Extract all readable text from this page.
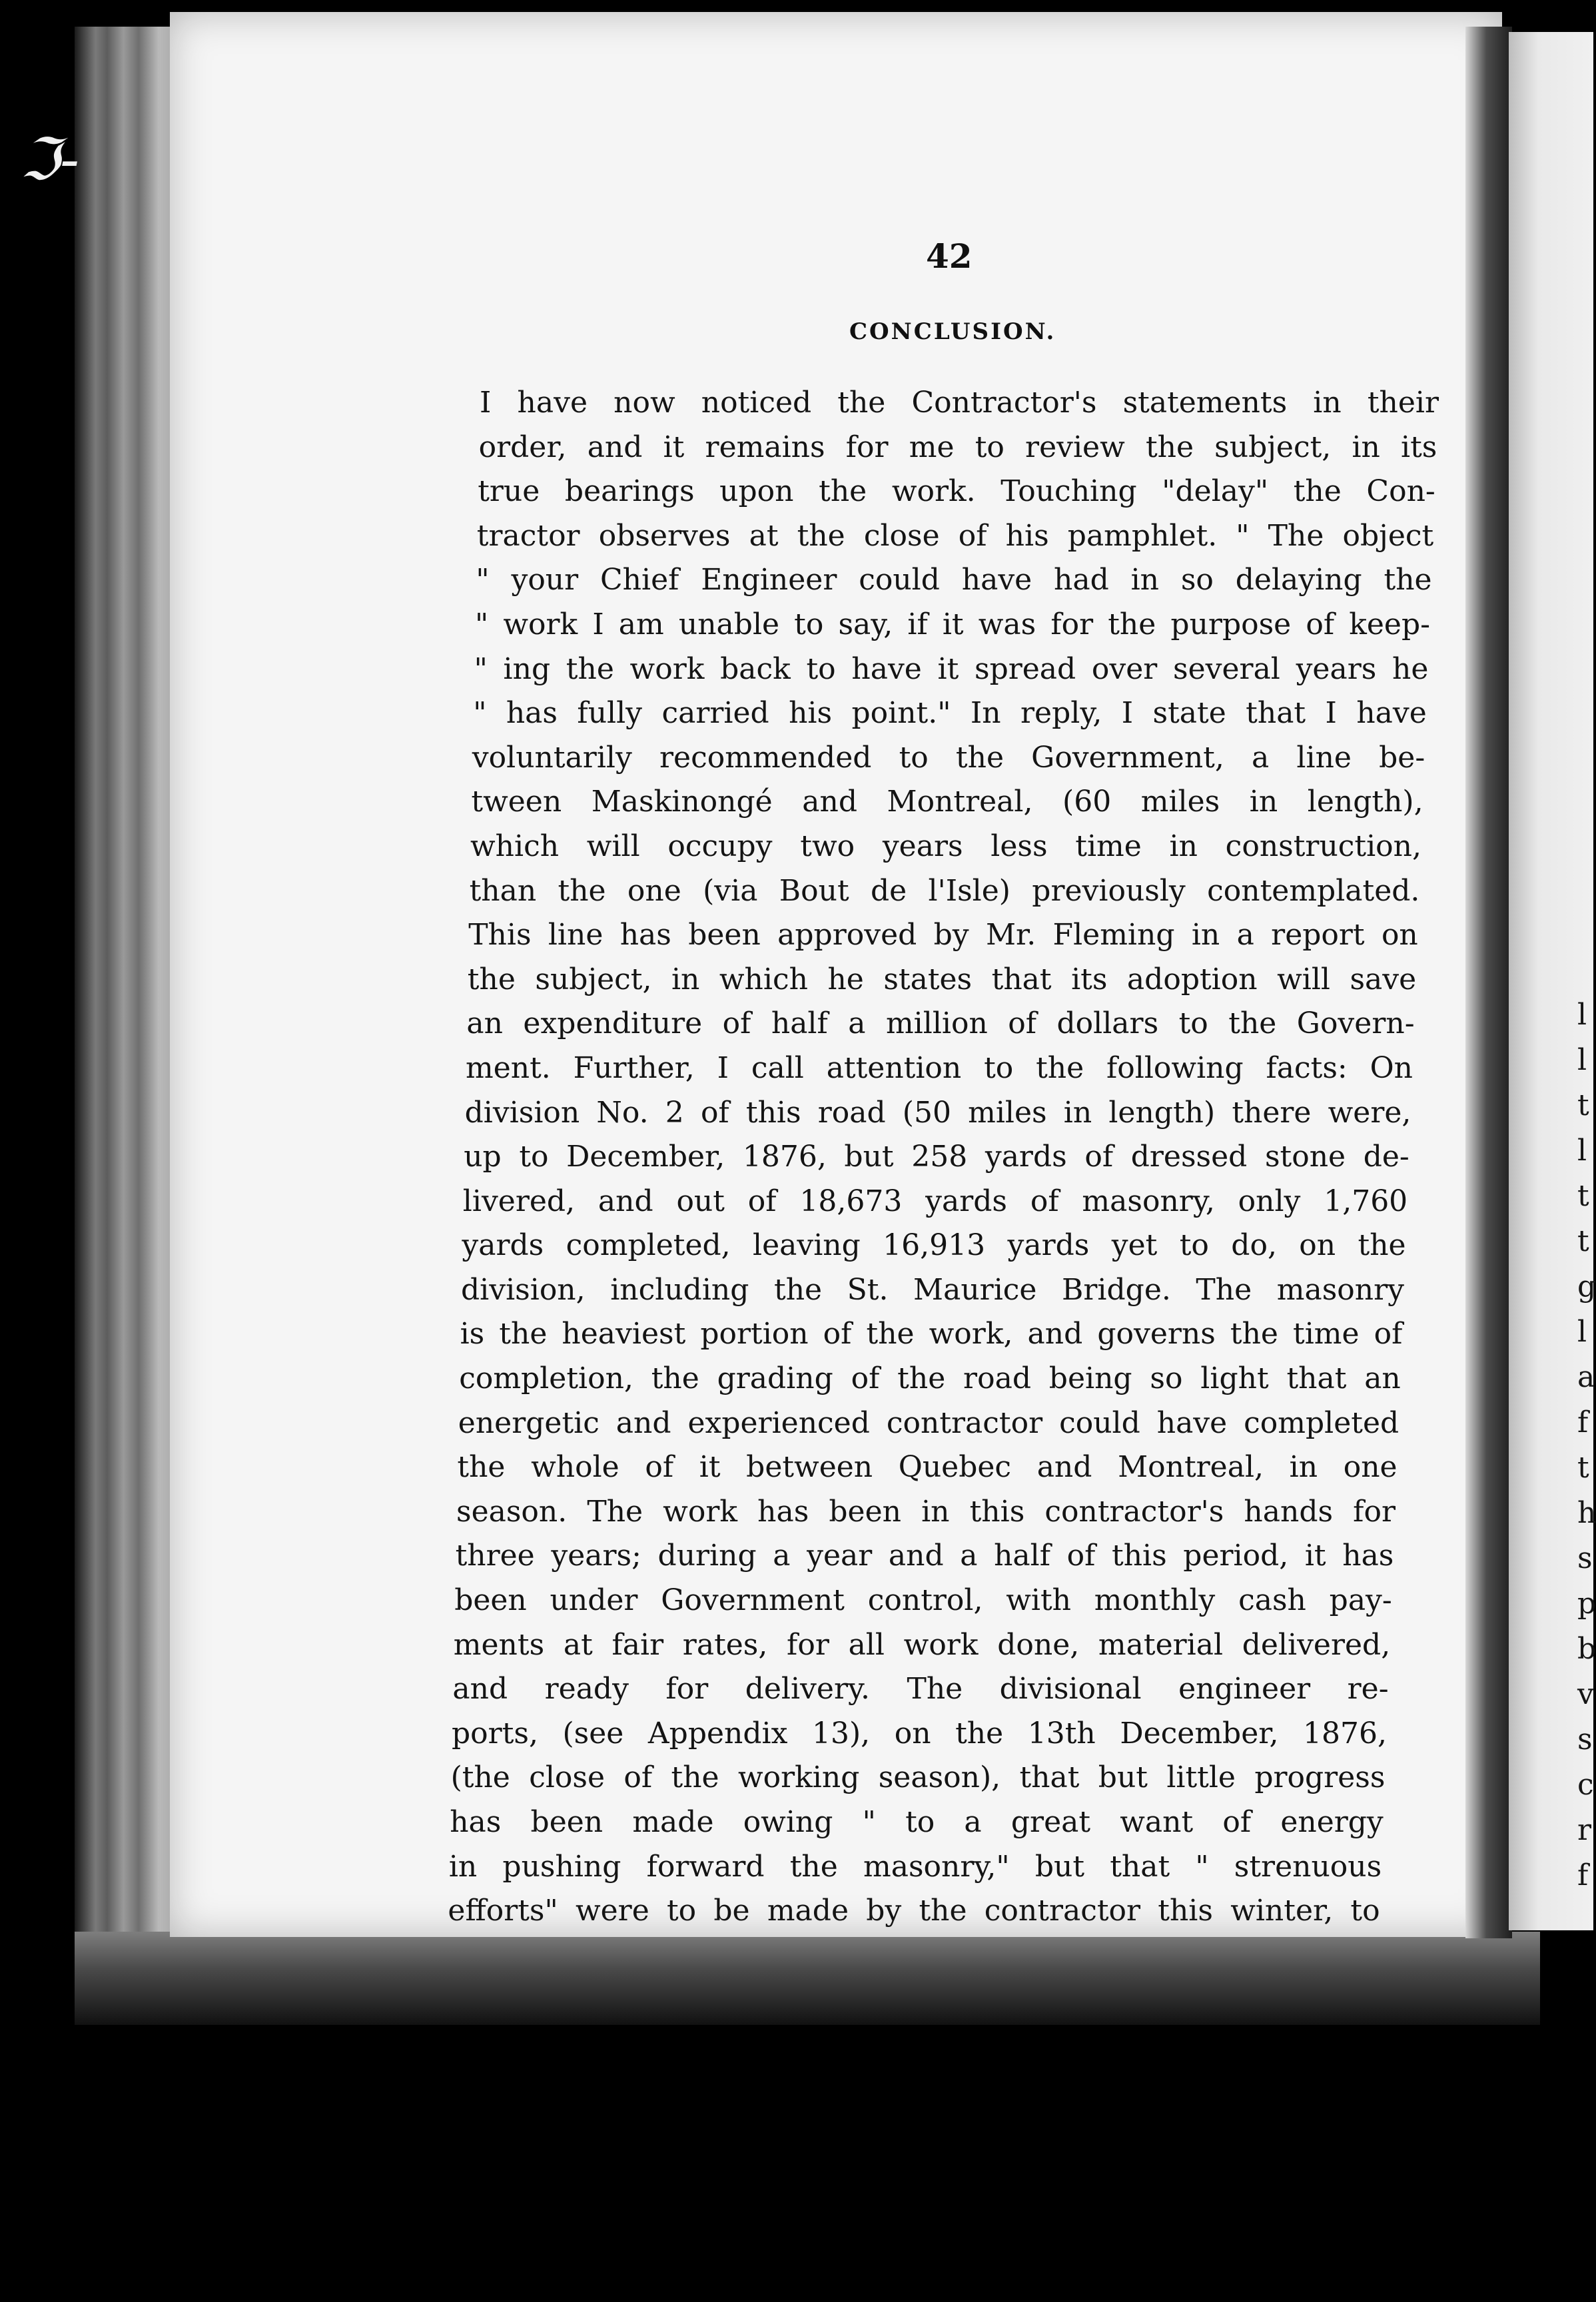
l
l
t
l
t
t
g
l
a
f
t
h
s
p
b
v
s
c
r
f
ℑ-
42
CONCLUSION.
I have now noticed the Contractor's statements in their
order, and it remains for me to review the subject, in its
true bearings upon the work. Touching "delay" the Con-
tractor observes at the close of his pamphlet. " The object
" your Chief Engineer could have had in so delaying the
" work I am unable to say, if it was for the purpose of keep-
" ing the work back to have it spread over several years he
" has fully carried his point." In reply, I state that I have
voluntarily recommended to the Government, a line be-
tween Maskinongé and Montreal, (60 miles in length),
which will occupy two years less time in construction,
than the one (via Bout de l'Isle) previously contemplated.
This line has been approved by Mr. Fleming in a report on
the subject, in which he states that its adoption will save
an expenditure of half a million of dollars to the Govern-
ment. Further, I call attention to the following facts: On
division No. 2 of this road (50 miles in length) there were,
up to December, 1876, but 258 yards of dressed stone de-
livered, and out of 18,673 yards of masonry, only 1,760
yards completed, leaving 16,913 yards yet to do, on the
division, including the St. Maurice Bridge. The masonry
is the heaviest portion of the work, and governs the time of
completion, the grading of the road being so light that an
energetic and experienced contractor could have completed
the whole of it between Quebec and Montreal, in one
season. The work has been in this contractor's hands for
three years; during a year and a half of this period, it has
been under Government control, with monthly cash pay-
ments at fair rates, for all work done, material delivered,
and ready for delivery. The divisional engineer re-
ports, (see Appendix 13), on the 13th December, 1876,
(the close of the working season), that but little progress
has been made owing " to a great want of energy
in pushing forward the masonry," but that " strenuous
efforts" were to be made by the contractor this winter, to
